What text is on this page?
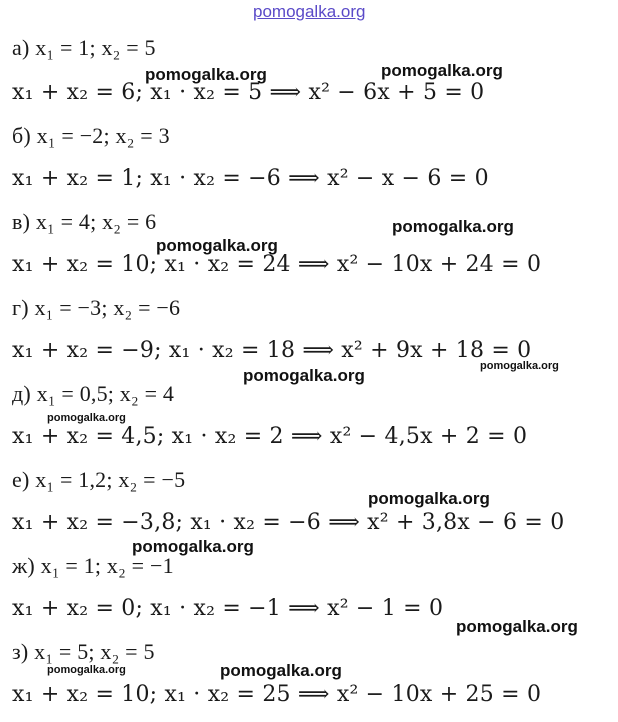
pomogalka.org
а) x₁ = 1; x₂ = 5
x₁ + x₂ = 6; x₁ · x₂ = 5 ⟹ x² − 6x + 5 = 0
б) x₁ = −2; x₂ = 3
x₁ + x₂ = 1; x₁ · x₂ = −6 ⟹ x² − x − 6 = 0
в) x₁ = 4; x₂ = 6
x₁ + x₂ = 10; x₁ · x₂ = 24 ⟹ x² − 10x + 24 = 0
г) x₁ = −3; x₂ = −6
x₁ + x₂ = −9; x₁ · x₂ = 18 ⟹ x² + 9x + 18 = 0
д) x₁ = 0,5; x₂ = 4
x₁ + x₂ = 4,5; x₁ · x₂ = 2 ⟹ x² − 4,5x + 2 = 0
е) x₁ = 1,2; x₂ = −5
x₁ + x₂ = −3,8; x₁ · x₂ = −6 ⟹ x² + 3,8x − 6 = 0
ж) x₁ = 1; x₂ = −1
x₁ + x₂ = 0; x₁ · x₂ = −1 ⟹ x² − 1 = 0
з) x₁ = 5; x₂ = 5
x₁ + x₂ = 10; x₁ · x₂ = 25 ⟹ x² − 10x + 25 = 0
pomogalka.org	pomogalka.org
pomogalka.org
pomogalka.org
pomogalka.org	pomogalka.org
pomogalka.org
pomogalka.org
pomogalka.org
pomogalka.org
pomogalka.org	pomogalka.org
